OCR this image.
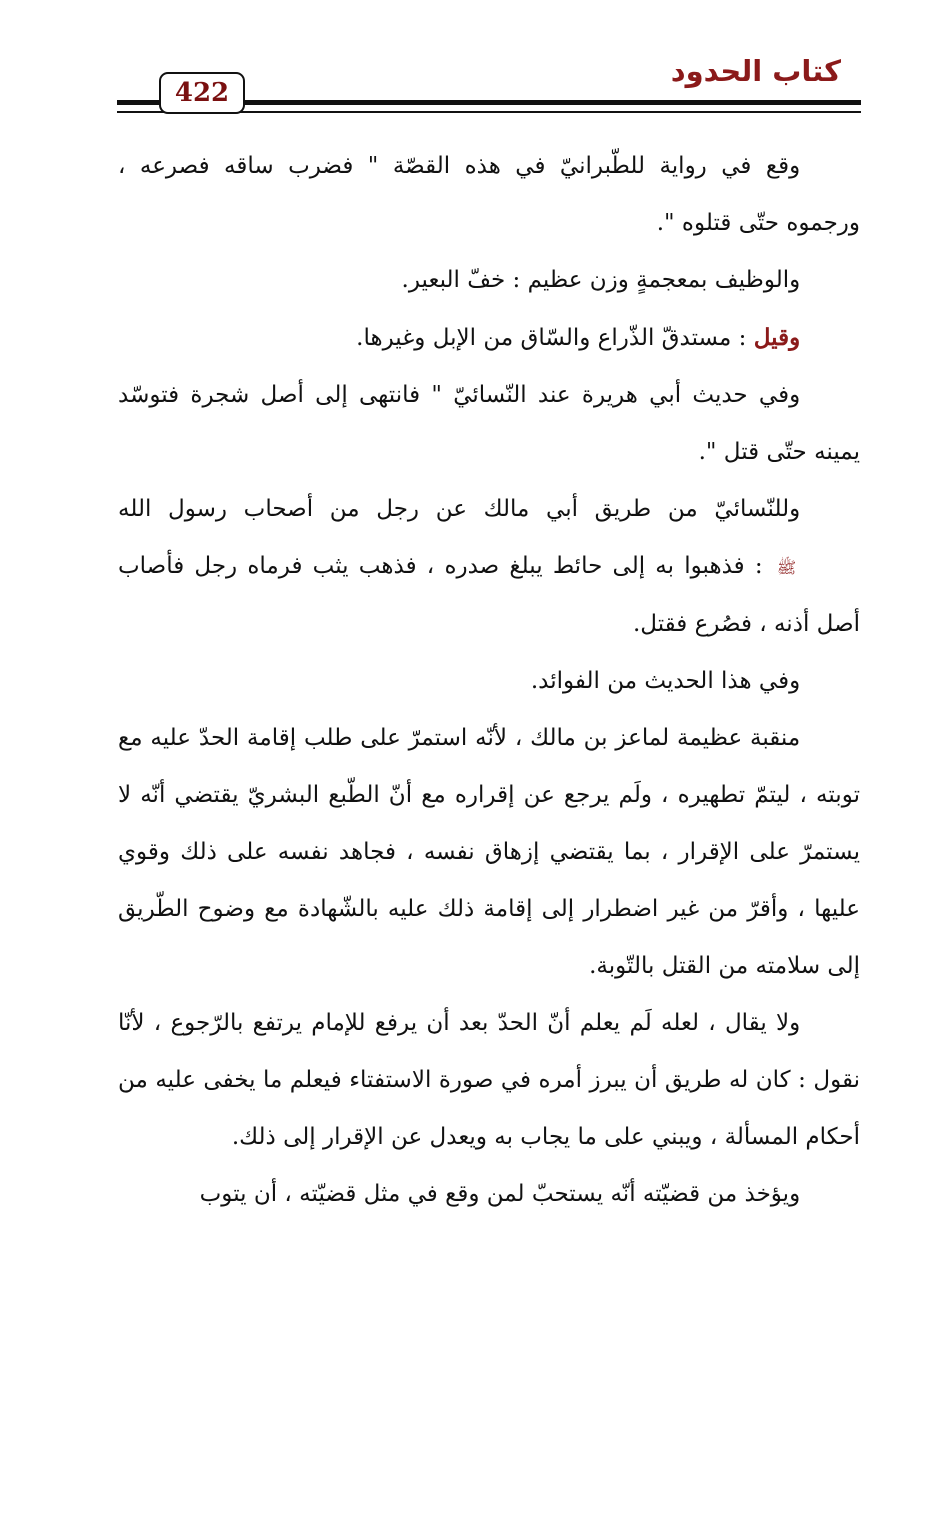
كتاب الحدود
422

وقع في رواية للطّبرانيّ في هذه القصّة " فضرب ساقه فصرعه ، ورجموه حتّى قتلوه ".

والوظيف بمعجمةٍ وزن عظيم : خفّ البعير.

وقيل : مستدقّ الذّراع والسّاق من الإبل وغيرها.

وفي حديث أبي هريرة عند النّسائيّ " فانتهى إلى أصل شجرة فتوسّد يمينه حتّى قتل ".

وللنّسائيّ من طريق أبي مالك عن رجل من أصحاب رسول الله ﷺ : فذهبوا به إلى حائط يبلغ صدره ، فذهب يثب فرماه رجل فأصاب أصل أذنه ، فصُرع فقتل.

وفي هذا الحديث من الفوائد.

منقبة عظيمة لماعز بن مالك ، لأنّه استمرّ على طلب إقامة الحدّ عليه مع توبته ، ليتمّ تطهيره ، ولَم يرجع عن إقراره مع أنّ الطّبع البشريّ يقتضي أنّه لا يستمرّ على الإقرار ، بما يقتضي إزهاق نفسه ، فجاهد نفسه على ذلك وقوي عليها ، وأقرّ من غير اضطرار إلى إقامة ذلك عليه بالشّهادة مع وضوح الطّريق إلى سلامته من القتل بالتّوبة.

ولا يقال ، لعله لَم يعلم أنّ الحدّ بعد أن يرفع للإمام يرتفع بالرّجوع ، لأنّا نقول : كان له طريق أن يبرز أمره في صورة الاستفتاء فيعلم ما يخفى عليه من أحكام المسألة ، ويبني على ما يجاب به ويعدل عن الإقرار إلى ذلك.

ويؤخذ من قضيّته أنّه يستحبّ لمن وقع في مثل قضيّته ، أن يتوب
